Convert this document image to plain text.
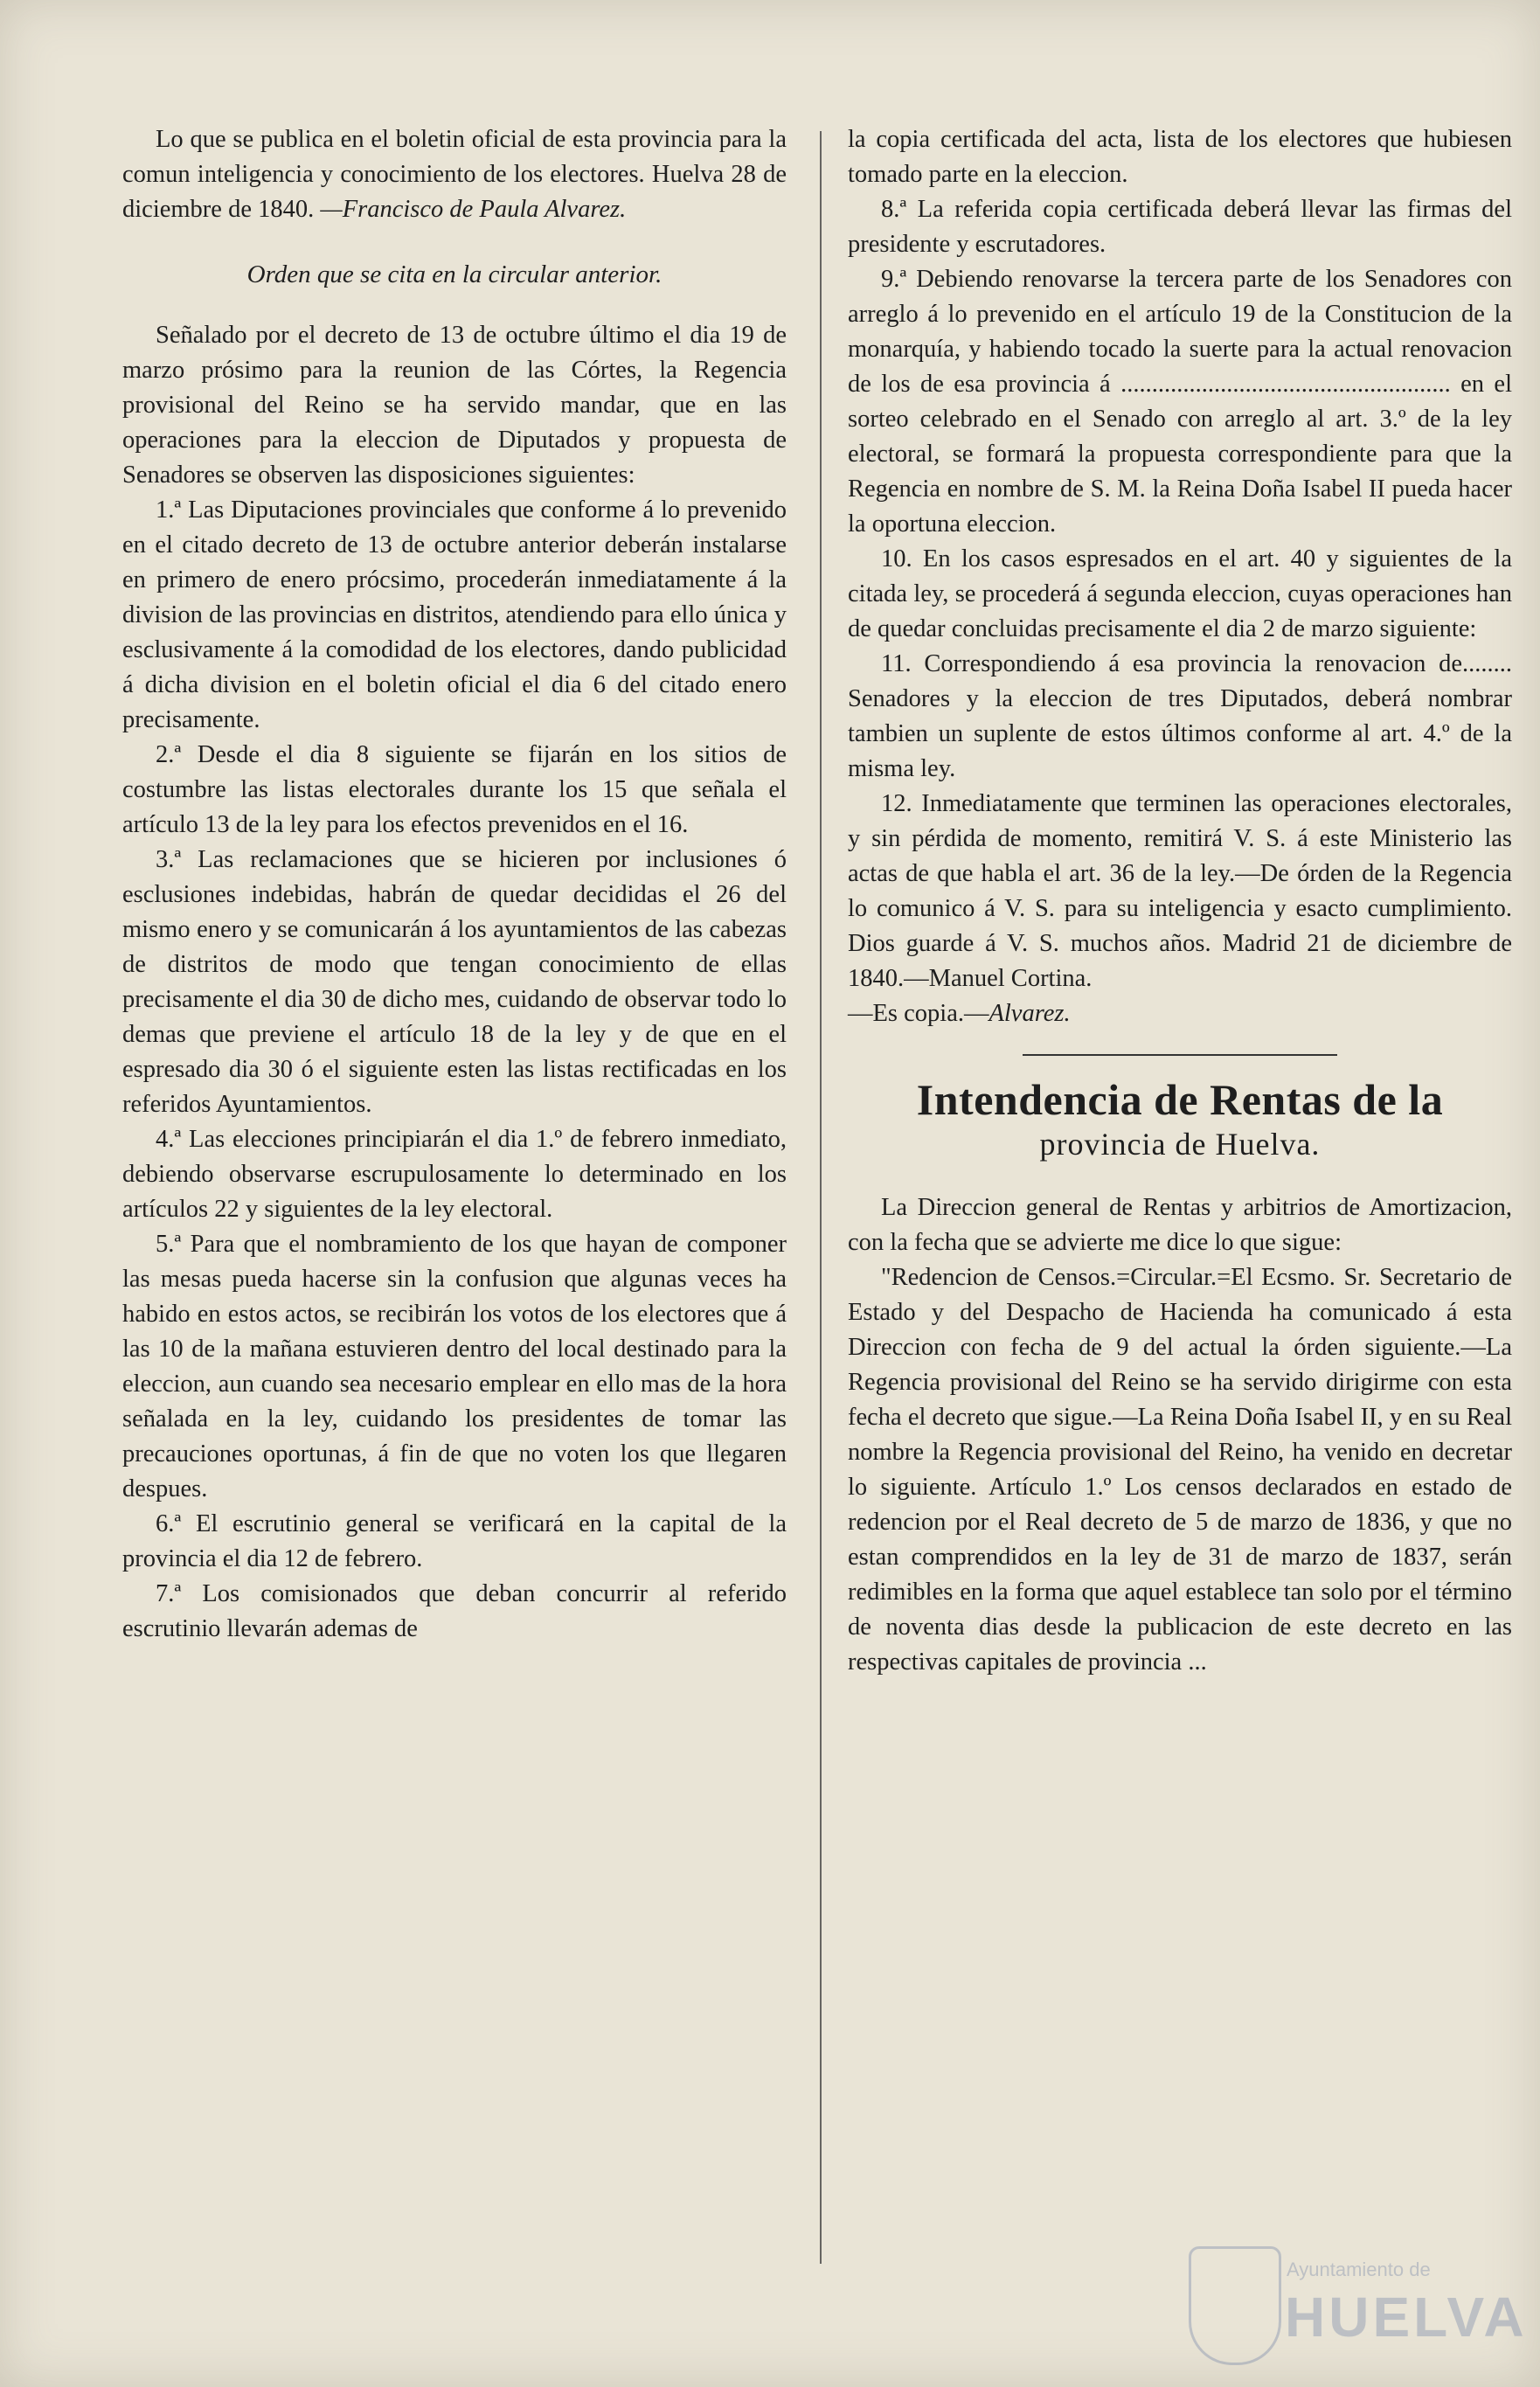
Lo que se publica en el boletin oficial de esta provincia para la comun inteligencia y conocimiento de los electores. Huelva 28 de diciembre de 1840. —Francisco de Paula Alvarez.

Orden que se cita en la circular anterior.

Señalado por el decreto de 13 de octubre último el dia 19 de marzo prósimo para la reunion de las Córtes, la Regencia provisional del Reino se ha servido mandar, que en las operaciones para la eleccion de Diputados y propuesta de Senadores se observen las disposiciones siguientes:

1.ª Las Diputaciones provinciales que conforme á lo prevenido en el citado decreto de 13 de octubre anterior deberán instalarse en primero de enero prócsimo, procederán inmediatamente á la division de las provincias en distritos, atendiendo para ello única y esclusivamente á la comodidad de los electores, dando publicidad á dicha division en el boletin oficial el dia 6 del citado enero precisamente.

2.ª Desde el dia 8 siguiente se fijarán en los sitios de costumbre las listas electorales durante los 15 que señala el artículo 13 de la ley para los efectos prevenidos en el 16.

3.ª Las reclamaciones que se hicieren por inclusiones ó esclusiones indebidas, habrán de quedar decididas el 26 del mismo enero y se comunicarán á los ayuntamientos de las cabezas de distritos de modo que tengan conocimiento de ellas precisamente el dia 30 de dicho mes, cuidando de observar todo lo demas que previene el artículo 18 de la ley y de que en el espresado dia 30 ó el siguiente esten las listas rectificadas en los referidos Ayuntamientos.

4.ª Las elecciones principiarán el dia 1.º de febrero inmediato, debiendo observarse escrupulosamente lo determinado en los artículos 22 y siguientes de la ley electoral.

5.ª Para que el nombramiento de los que hayan de componer las mesas pueda hacerse sin la confusion que algunas veces ha habido en estos actos, se recibirán los votos de los electores que á las 10 de la mañana estuvieren dentro del local destinado para la eleccion, aun cuando sea necesario emplear en ello mas de la hora señalada en la ley, cuidando los presidentes de tomar las precauciones oportunas, á fin de que no voten los que llegaren despues.

6.ª El escrutinio general se verificará en la capital de la provincia el dia 12 de febrero.

7.ª Los comisionados que deban concurrir al referido escrutinio llevarán ademas de

la copia certificada del acta, lista de los electores que hubiesen tomado parte en la eleccion.

8.ª La referida copia certificada deberá llevar las firmas del presidente y escrutadores.

9.ª Debiendo renovarse la tercera parte de los Senadores con arreglo á lo prevenido en el artículo 19 de la Constitucion de la monarquía, y habiendo tocado la suerte para la actual renovacion de los de esa provincia á ..................................................... en el sorteo celebrado en el Senado con arreglo al art. 3.º de la ley electoral, se formará la propuesta correspondiente para que la Regencia en nombre de S. M. la Reina Doña Isabel II pueda hacer la oportuna eleccion.

10. En los casos espresados en el art. 40 y siguientes de la citada ley, se procederá á segunda eleccion, cuyas operaciones han de quedar concluidas precisamente el dia 2 de marzo siguiente:

11. Correspondiendo á esa provincia la renovacion de........ Senadores y la eleccion de tres Diputados, deberá nombrar tambien un suplente de estos últimos conforme al art. 4.º de la misma ley.

12. Inmediatamente que terminen las operaciones electorales, y sin pérdida de momento, remitirá V. S. á este Ministerio las actas de que habla el art. 36 de la ley.—De órden de la Regencia lo comunico á V. S. para su inteligencia y esacto cumplimiento. Dios guarde á V. S. muchos años. Madrid 21 de diciembre de 1840.—Manuel Cortina.

—Es copia.—Alvarez.

Intendencia de Rentas de la

provincia de Huelva.

La Direccion general de Rentas y arbitrios de Amortizacion, con la fecha que se advierte me dice lo que sigue:

"Redencion de Censos.=Circular.=El Ecsmo. Sr. Secretario de Estado y del Despacho de Hacienda ha comunicado á esta Direccion con fecha de 9 del actual la órden siguiente.—La Regencia provisional del Reino se ha servido dirigirme con esta fecha el decreto que sigue.—La Reina Doña Isabel II, y en su Real nombre la Regencia provisional del Reino, ha venido en decretar lo siguiente. Artículo 1.º Los censos declarados en estado de redencion por el Real decreto de 5 de marzo de 1836, y que no estan comprendidos en la ley de 31 de marzo de 1837, serán redimibles en la forma que aquel establece tan solo por el término de noventa dias desde la publicacion de este decreto en las respectivas capitales de provincia ...

Ayuntamiento de
HUELVA
